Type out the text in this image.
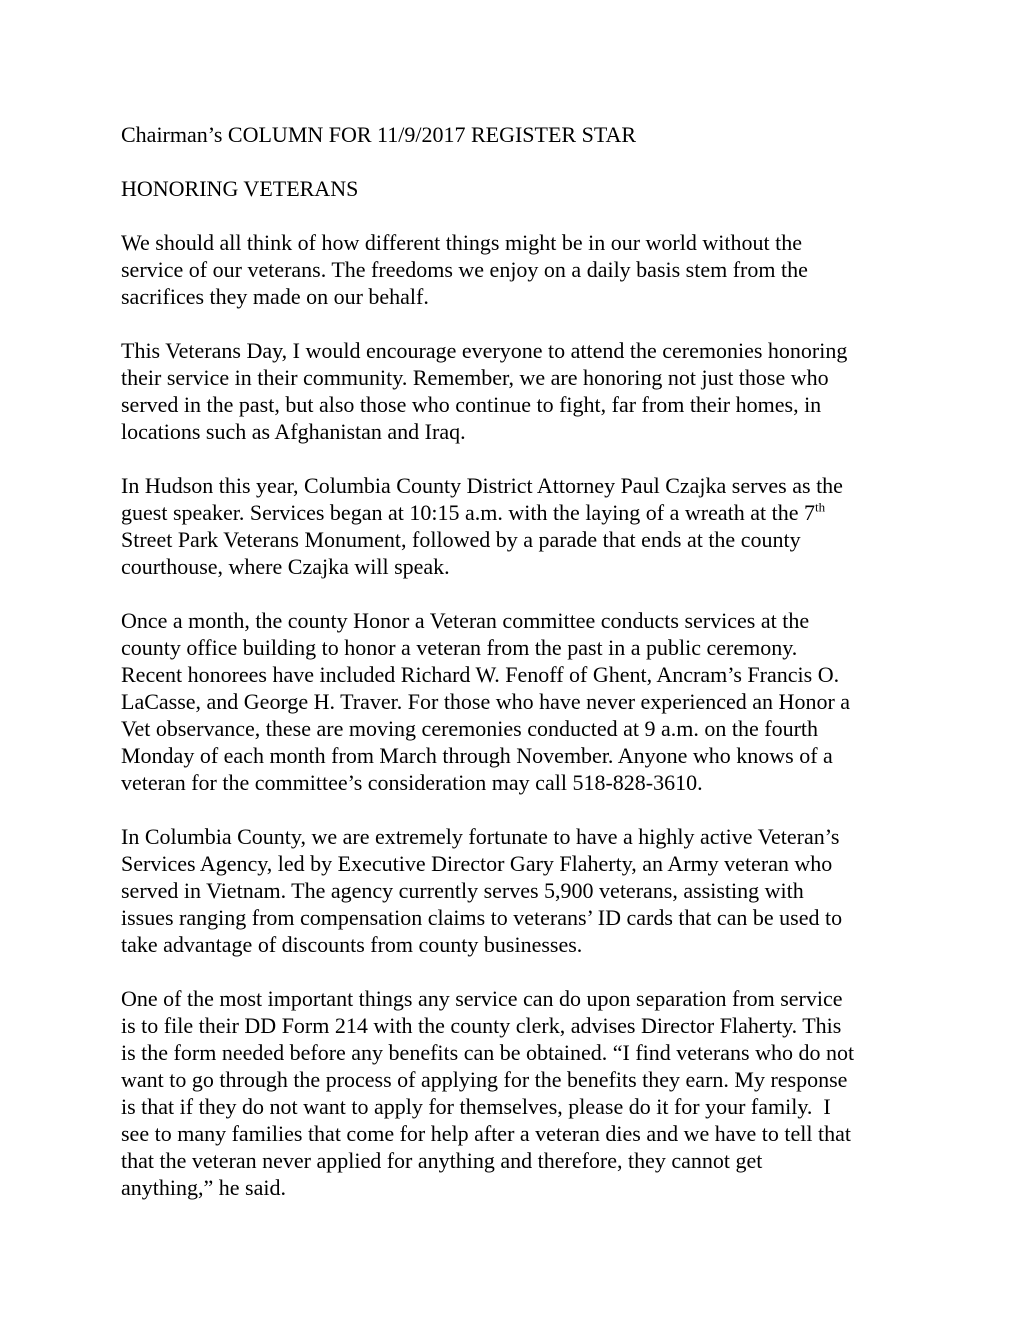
Chairman’s COLUMN FOR 11/9/2017 REGISTER STAR
HONORING VETERANS
We should all think of how different things might be in our world without the
service of our veterans. The freedoms we enjoy on a daily basis stem from the
sacrifices they made on our behalf.
This Veterans Day, I would encourage everyone to attend the ceremonies honoring
their service in their community. Remember, we are honoring not just those who
served in the past, but also those who continue to fight, far from their homes, in
locations such as Afghanistan and Iraq.
In Hudson this year, Columbia County District Attorney Paul Czajka serves as the
guest speaker. Services began at 10:15 a.m. with the laying of a wreath at the 7th
Street Park Veterans Monument, followed by a parade that ends at the county
courthouse, where Czajka will speak.
Once a month, the county Honor a Veteran committee conducts services at the
county office building to honor a veteran from the past in a public ceremony.
Recent honorees have included Richard W. Fenoff of Ghent, Ancram’s Francis O.
LaCasse, and George H. Traver. For those who have never experienced an Honor a
Vet observance, these are moving ceremonies conducted at 9 a.m. on the fourth
Monday of each month from March through November. Anyone who knows of a
veteran for the committee’s consideration may call 518-828-3610.
In Columbia County, we are extremely fortunate to have a highly active Veteran’s
Services Agency, led by Executive Director Gary Flaherty, an Army veteran who
served in Vietnam. The agency currently serves 5,900 veterans, assisting with
issues ranging from compensation claims to veterans’ ID cards that can be used to
take advantage of discounts from county businesses.
One of the most important things any service can do upon separation from service
is to file their DD Form 214 with the county clerk, advises Director Flaherty. This
is the form needed before any benefits can be obtained. “I find veterans who do not
want to go through the process of applying for the benefits they earn. My response
is that if they do not want to apply for themselves, please do it for your family.  I
see to many families that come for help after a veteran dies and we have to tell that
that the veteran never applied for anything and therefore, they cannot get
anything,” he said.
